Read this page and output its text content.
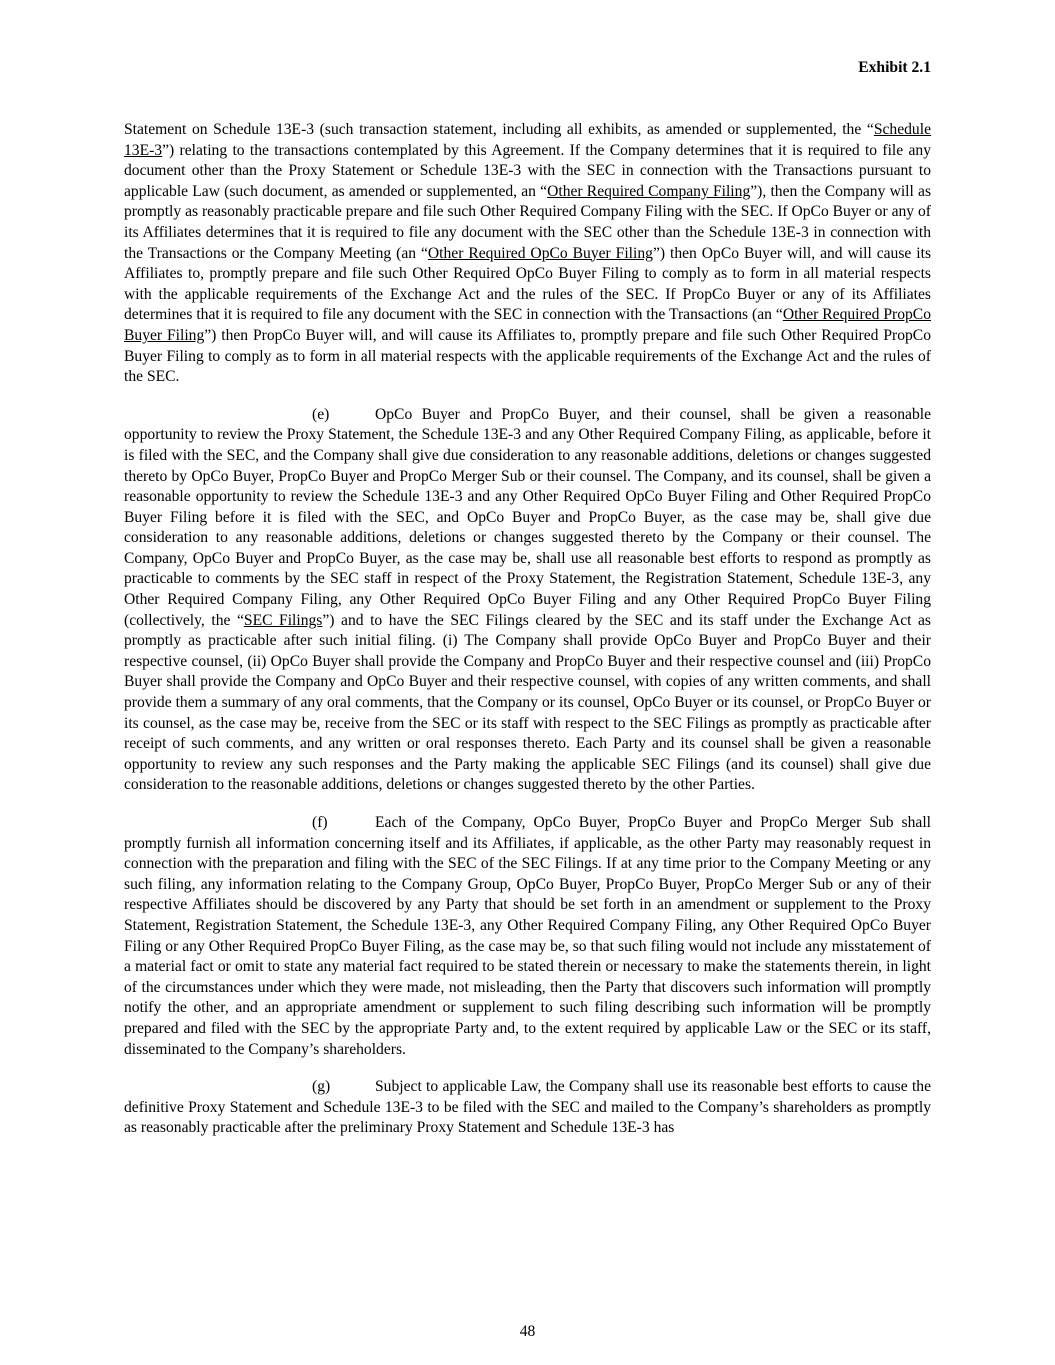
Exhibit 2.1

Statement on Schedule 13E-3 (such transaction statement, including all exhibits, as amended or supplemented, the “Schedule 13E-3”) relating to the transactions contemplated by this Agreement. If the Company determines that it is required to file any document other than the Proxy Statement or Schedule 13E-3 with the SEC in connection with the Transactions pursuant to applicable Law (such document, as amended or supplemented, an “Other Required Company Filing”), then the Company will as promptly as reasonably practicable prepare and file such Other Required Company Filing with the SEC. If OpCo Buyer or any of its Affiliates determines that it is required to file any document with the SEC other than the Schedule 13E-3 in connection with the Transactions or the Company Meeting (an “Other Required OpCo Buyer Filing”) then OpCo Buyer will, and will cause its Affiliates to, promptly prepare and file such Other Required OpCo Buyer Filing to comply as to form in all material respects with the applicable requirements of the Exchange Act and the rules of the SEC. If PropCo Buyer or any of its Affiliates determines that it is required to file any document with the SEC in connection with the Transactions (an “Other Required PropCo Buyer Filing”) then PropCo Buyer will, and will cause its Affiliates to, promptly prepare and file such Other Required PropCo Buyer Filing to comply as to form in all material respects with the applicable requirements of the Exchange Act and the rules of the SEC.

(e)	OpCo Buyer and PropCo Buyer, and their counsel, shall be given a reasonable opportunity to review the Proxy Statement, the Schedule 13E-3 and any Other Required Company Filing, as applicable, before it is filed with the SEC, and the Company shall give due consideration to any reasonable additions, deletions or changes suggested thereto by OpCo Buyer, PropCo Buyer and PropCo Merger Sub or their counsel. The Company, and its counsel, shall be given a reasonable opportunity to review the Schedule 13E-3 and any Other Required OpCo Buyer Filing and Other Required PropCo Buyer Filing before it is filed with the SEC, and OpCo Buyer and PropCo Buyer, as the case may be, shall give due consideration to any reasonable additions, deletions or changes suggested thereto by the Company or their counsel. The Company, OpCo Buyer and PropCo Buyer, as the case may be, shall use all reasonable best efforts to respond as promptly as practicable to comments by the SEC staff in respect of the Proxy Statement, the Registration Statement, Schedule 13E-3, any Other Required Company Filing, any Other Required OpCo Buyer Filing and any Other Required PropCo Buyer Filing (collectively, the “SEC Filings”) and to have the SEC Filings cleared by the SEC and its staff under the Exchange Act as promptly as practicable after such initial filing. (i) The Company shall provide OpCo Buyer and PropCo Buyer and their respective counsel, (ii) OpCo Buyer shall provide the Company and PropCo Buyer and their respective counsel and (iii) PropCo Buyer shall provide the Company and OpCo Buyer and their respective counsel, with copies of any written comments, and shall provide them a summary of any oral comments, that the Company or its counsel, OpCo Buyer or its counsel, or PropCo Buyer or its counsel, as the case may be, receive from the SEC or its staff with respect to the SEC Filings as promptly as practicable after receipt of such comments, and any written or oral responses thereto. Each Party and its counsel shall be given a reasonable opportunity to review any such responses and the Party making the applicable SEC Filings (and its counsel) shall give due consideration to the reasonable additions, deletions or changes suggested thereto by the other Parties.

(f)	Each of the Company, OpCo Buyer, PropCo Buyer and PropCo Merger Sub shall promptly furnish all information concerning itself and its Affiliates, if applicable, as the other Party may reasonably request in connection with the preparation and filing with the SEC of the SEC Filings. If at any time prior to the Company Meeting or any such filing, any information relating to the Company Group, OpCo Buyer, PropCo Buyer, PropCo Merger Sub or any of their respective Affiliates should be discovered by any Party that should be set forth in an amendment or supplement to the Proxy Statement, Registration Statement, the Schedule 13E-3, any Other Required Company Filing, any Other Required OpCo Buyer Filing or any Other Required PropCo Buyer Filing, as the case may be, so that such filing would not include any misstatement of a material fact or omit to state any material fact required to be stated therein or necessary to make the statements therein, in light of the circumstances under which they were made, not misleading, then the Party that discovers such information will promptly notify the other, and an appropriate amendment or supplement to such filing describing such information will be promptly prepared and filed with the SEC by the appropriate Party and, to the extent required by applicable Law or the SEC or its staff, disseminated to the Company’s shareholders.

(g)	Subject to applicable Law, the Company shall use its reasonable best efforts to cause the definitive Proxy Statement and Schedule 13E-3 to be filed with the SEC and mailed to the Company’s shareholders as promptly as reasonably practicable after the preliminary Proxy Statement and Schedule 13E-3 has

48
